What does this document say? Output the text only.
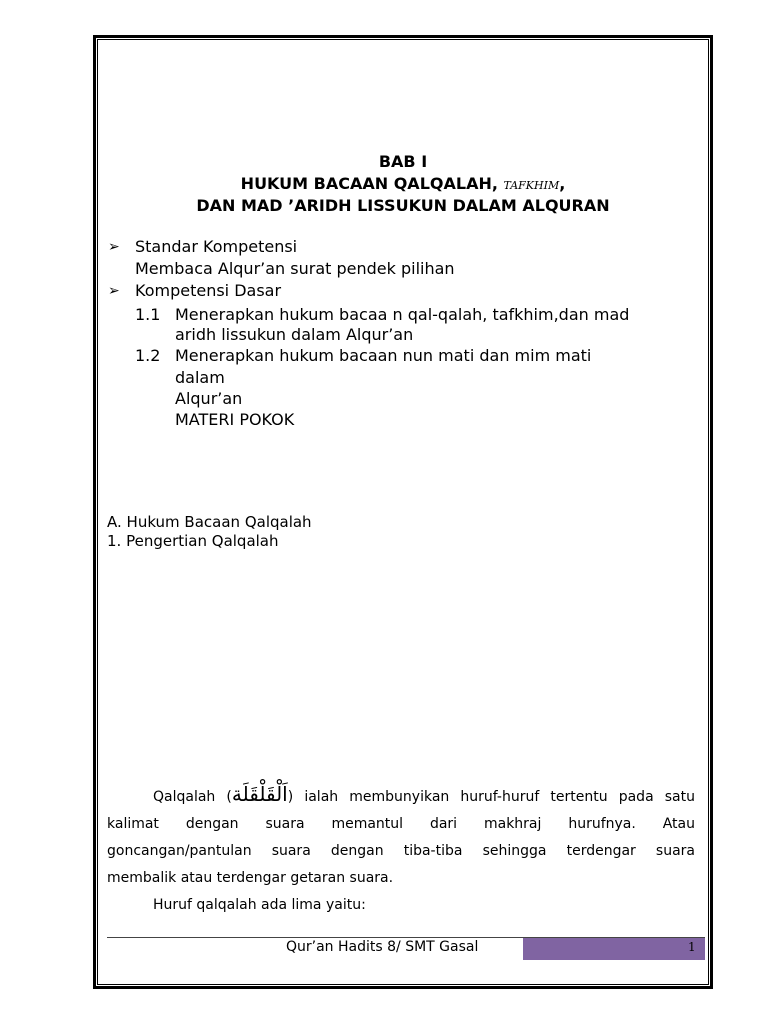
BAB I
HUKUM BACAAN QALQALAH, TAFKHIM,
DAN MAD ’ARIDH LISSUKUN DALAM ALQURAN
➢ Standar Kompetensi
Membaca Alqur’an surat pendek pilihan
➢ Kompetensi Dasar
1.1 Menerapkan hukum bacaa n qal-qalah, tafkhim,dan mad
aridh lissukun dalam Alqur’an
1.2 Menerapkan hukum bacaan nun mati dan mim mati
dalam
Alqur’an
MATERI POKOK
A. Hukum Bacaan Qalqalah
1. Pengertian Qalqalah

Qalqalah (اَلْقَلْقَلَة) ialah membunyikan huruf-huruf tertentu pada satu

kalimat dengan suara memantul dari makhraj hurufnya. Atau

goncangan/pantulan suara dengan tiba-tiba sehingga terdengar suara

membalik atau terdengar getaran suara.

Huruf qalqalah ada lima yaitu:

Qur’an Hadits 8/ SMT Gasal	1
